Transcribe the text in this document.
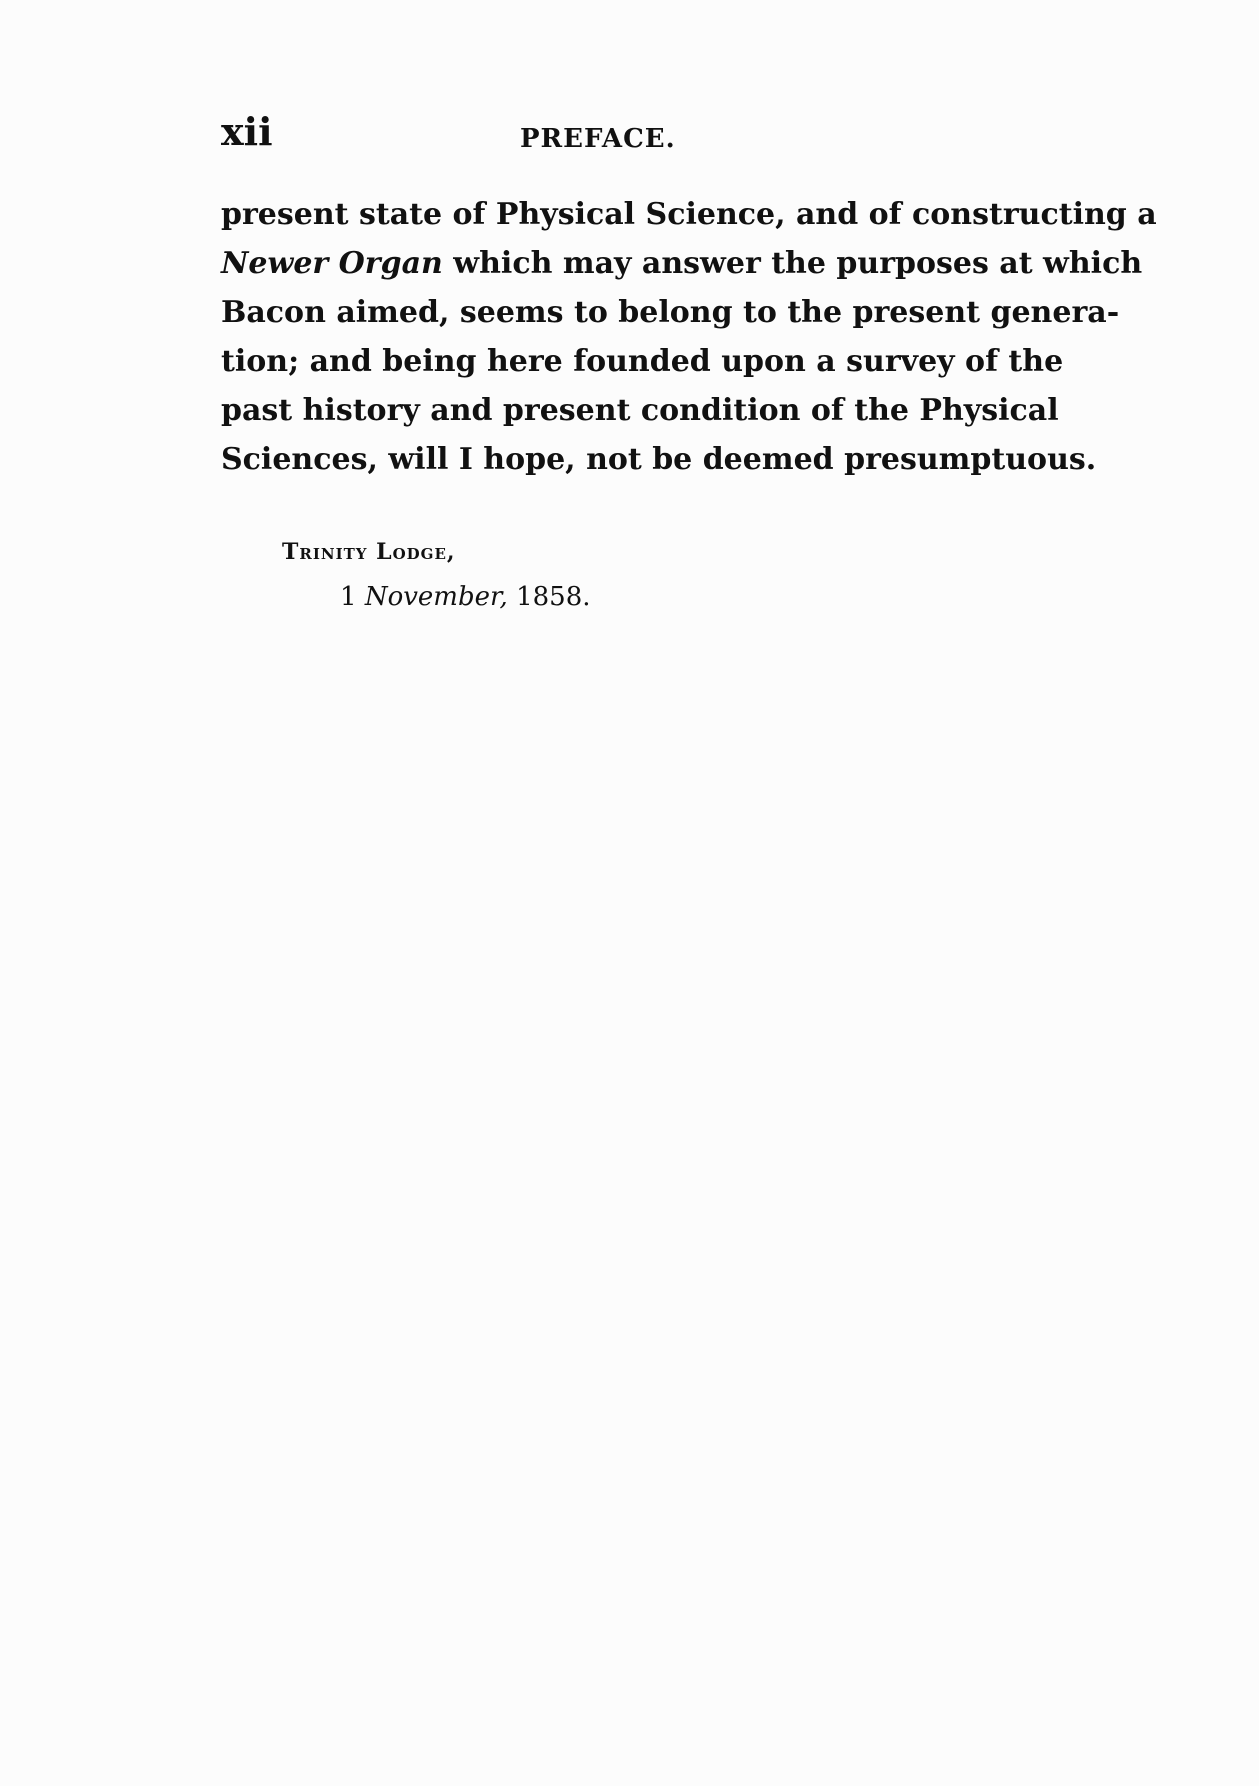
xii	PREFACE.
present state of Physical Science, and of constructing a
Newer Organ which may answer the purposes at which
Bacon aimed, seems to belong to the present genera-
tion; and being here founded upon a survey of the
past history and present condition of the Physical
Sciences, will I hope, not be deemed presumptuous.
Trinity Lodge,
1 November, 1858.
